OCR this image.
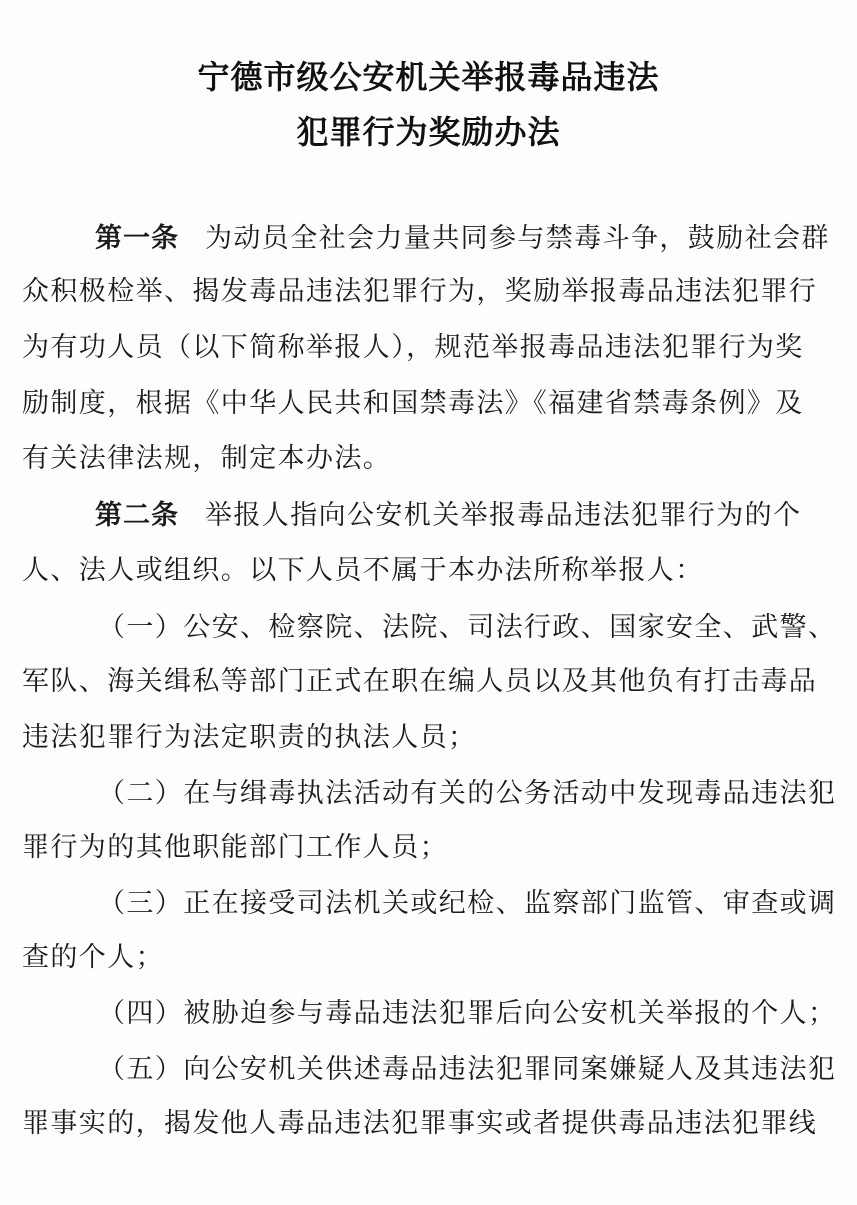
宁德市级公安机关举报毒品违法
犯罪行为奖励办法
第一条 为动员全社会力量共同参与禁毒斗争，鼓励社会群
众积极检举、揭发毒品违法犯罪行为，奖励举报毒品违法犯罪行
为有功人员（以下简称举报人），规范举报毒品违法犯罪行为奖
励制度，根据《中华人民共和国禁毒法》《福建省禁毒条例》及
有关法律法规，制定本办法。
第二条 举报人指向公安机关举报毒品违法犯罪行为的个
人、法人或组织。以下人员不属于本办法所称举报人：
（一）公安、检察院、法院、司法行政、国家安全、武警、
军队、海关缉私等部门正式在职在编人员以及其他负有打击毒品
违法犯罪行为法定职责的执法人员；
（二）在与缉毒执法活动有关的公务活动中发现毒品违法犯
罪行为的其他职能部门工作人员；
（三）正在接受司法机关或纪检、监察部门监管、审查或调
查的个人；
（四）被胁迫参与毒品违法犯罪后向公安机关举报的个人；
（五）向公安机关供述毒品违法犯罪同案嫌疑人及其违法犯
罪事实的，揭发他人毒品违法犯罪事实或者提供毒品违法犯罪线
